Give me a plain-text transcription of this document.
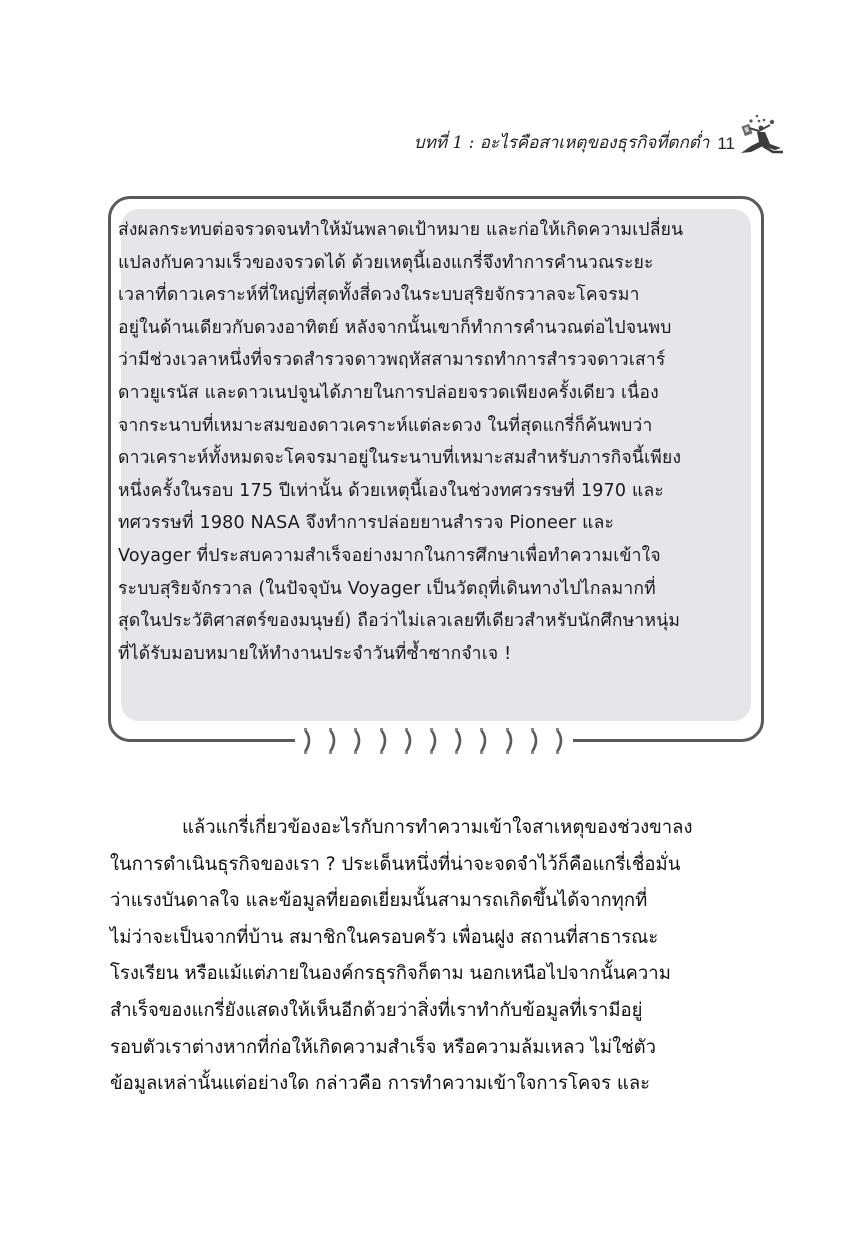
บทที่ 1 : อะไรคือสาเหตุของธุรกิจที่ตกต่ำ 11
ส่งผลกระทบต่อจรวดจนทำให้มันพลาดเป้าหมาย และก่อให้เกิดความเปลี่ยน
แปลงกับความเร็วของจรวดได้ ด้วยเหตุนี้เองแกรี่จึงทำการคำนวณระยะ
เวลาที่ดาวเคราะห์ที่ใหญ่ที่สุดทั้งสี่ดวงในระบบสุริยจักรวาลจะโคจรมา
อยู่ในด้านเดียวกับดวงอาทิตย์ หลังจากนั้นเขาก็ทำการคำนวณต่อไปจนพบ
ว่ามีช่วงเวลาหนึ่งที่จรวดสำรวจดาวพฤหัสสามารถทำการสำรวจดาวเสาร์
ดาวยูเรนัส และดาวเนปจูนได้ภายในการปล่อยจรวดเพียงครั้งเดียว เนื่อง
จากระนาบที่เหมาะสมของดาวเคราะห์แต่ละดวง ในที่สุดแกรี่ก็ค้นพบว่า
ดาวเคราะห์ทั้งหมดจะโคจรมาอยู่ในระนาบที่เหมาะสมสำหรับภารกิจนี้เพียง
หนึ่งครั้งในรอบ 175 ปีเท่านั้น ด้วยเหตุนี้เองในช่วงทศวรรษที่ 1970 และ
ทศวรรษที่ 1980 NASA จึงทำการปล่อยยานสำรวจ Pioneer และ
Voyager ที่ประสบความสำเร็จอย่างมากในการศึกษาเพื่อทำความเข้าใจ
ระบบสุริยจักรวาล (ในปัจจุบัน Voyager เป็นวัตถุที่เดินทางไปไกลมากที่
สุดในประวัติศาสตร์ของมนุษย์) ถือว่าไม่เลวเลยทีเดียวสำหรับนักศึกษาหนุ่ม
ที่ได้รับมอบหมายให้ทำงานประจำวันที่ซ้ำซากจำเจ !
แล้วแกรี่เกี่ยวข้องอะไรกับการทำความเข้าใจสาเหตุของช่วงขาลง
ในการดำเนินธุรกิจของเรา ? ประเด็นหนึ่งที่น่าจะจดจำไว้ก็คือแกรี่เชื่อมั่น
ว่าแรงบันดาลใจ และข้อมูลที่ยอดเยี่ยมนั้นสามารถเกิดขึ้นได้จากทุกที่
ไม่ว่าจะเป็นจากที่บ้าน สมาชิกในครอบครัว เพื่อนฝูง สถานที่สาธารณะ
โรงเรียน หรือแม้แต่ภายในองค์กรธุรกิจก็ตาม นอกเหนือไปจากนั้นความ
สำเร็จของแกรี่ยังแสดงให้เห็นอีกด้วยว่าสิ่งที่เราทำกับข้อมูลที่เรามีอยู่
รอบตัวเราต่างหากที่ก่อให้เกิดความสำเร็จ หรือความล้มเหลว ไม่ใช่ตัว
ข้อมูลเหล่านั้นแต่อย่างใด กล่าวคือ การทำความเข้าใจการโคจร และ
